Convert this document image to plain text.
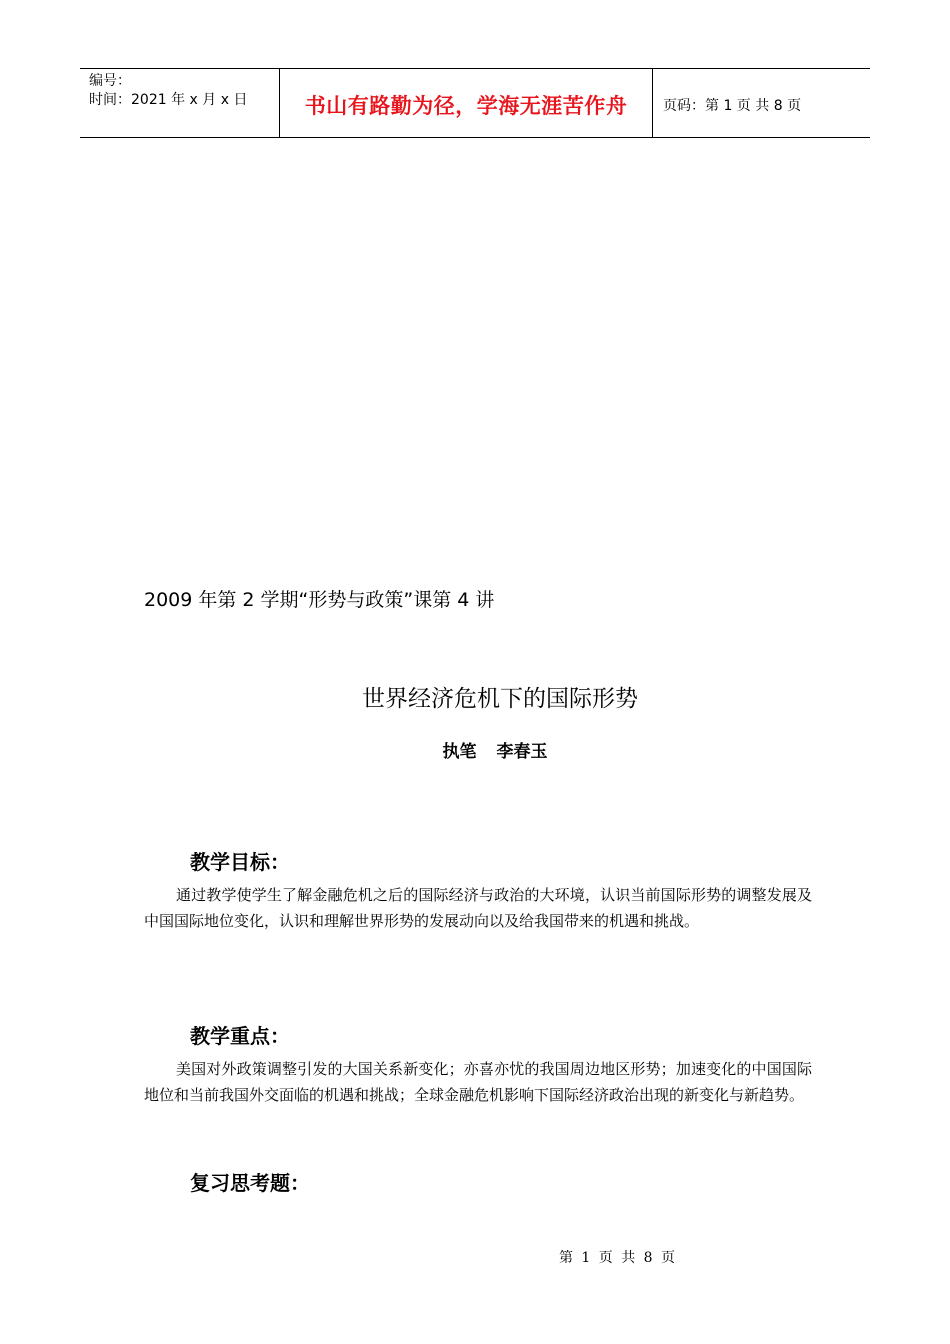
编号：
时间：2021 年 x 月 x 日	书山有路勤为径，学海无涯苦作舟	页码：第 1 页 共 8 页
2009 年第 2 学期“形势与政策”课第 4 讲
世界经济危机下的国际形势
执笔 李春玉
教学目标：
通过教学使学生了解金融危机之后的国际经济与政治的大环境，认识当前国际形势的调整发展及中国国际地位变化，认识和理解世界形势的发展动向以及给我国带来的机遇和挑战。
教学重点：
美国对外政策调整引发的大国关系新变化；亦喜亦忧的我国周边地区形势；加速变化的中国国际地位和当前我国外交面临的机遇和挑战；全球金融危机影响下国际经济政治出现的新变化与新趋势。
复习思考题：
第 1 页 共 8 页
